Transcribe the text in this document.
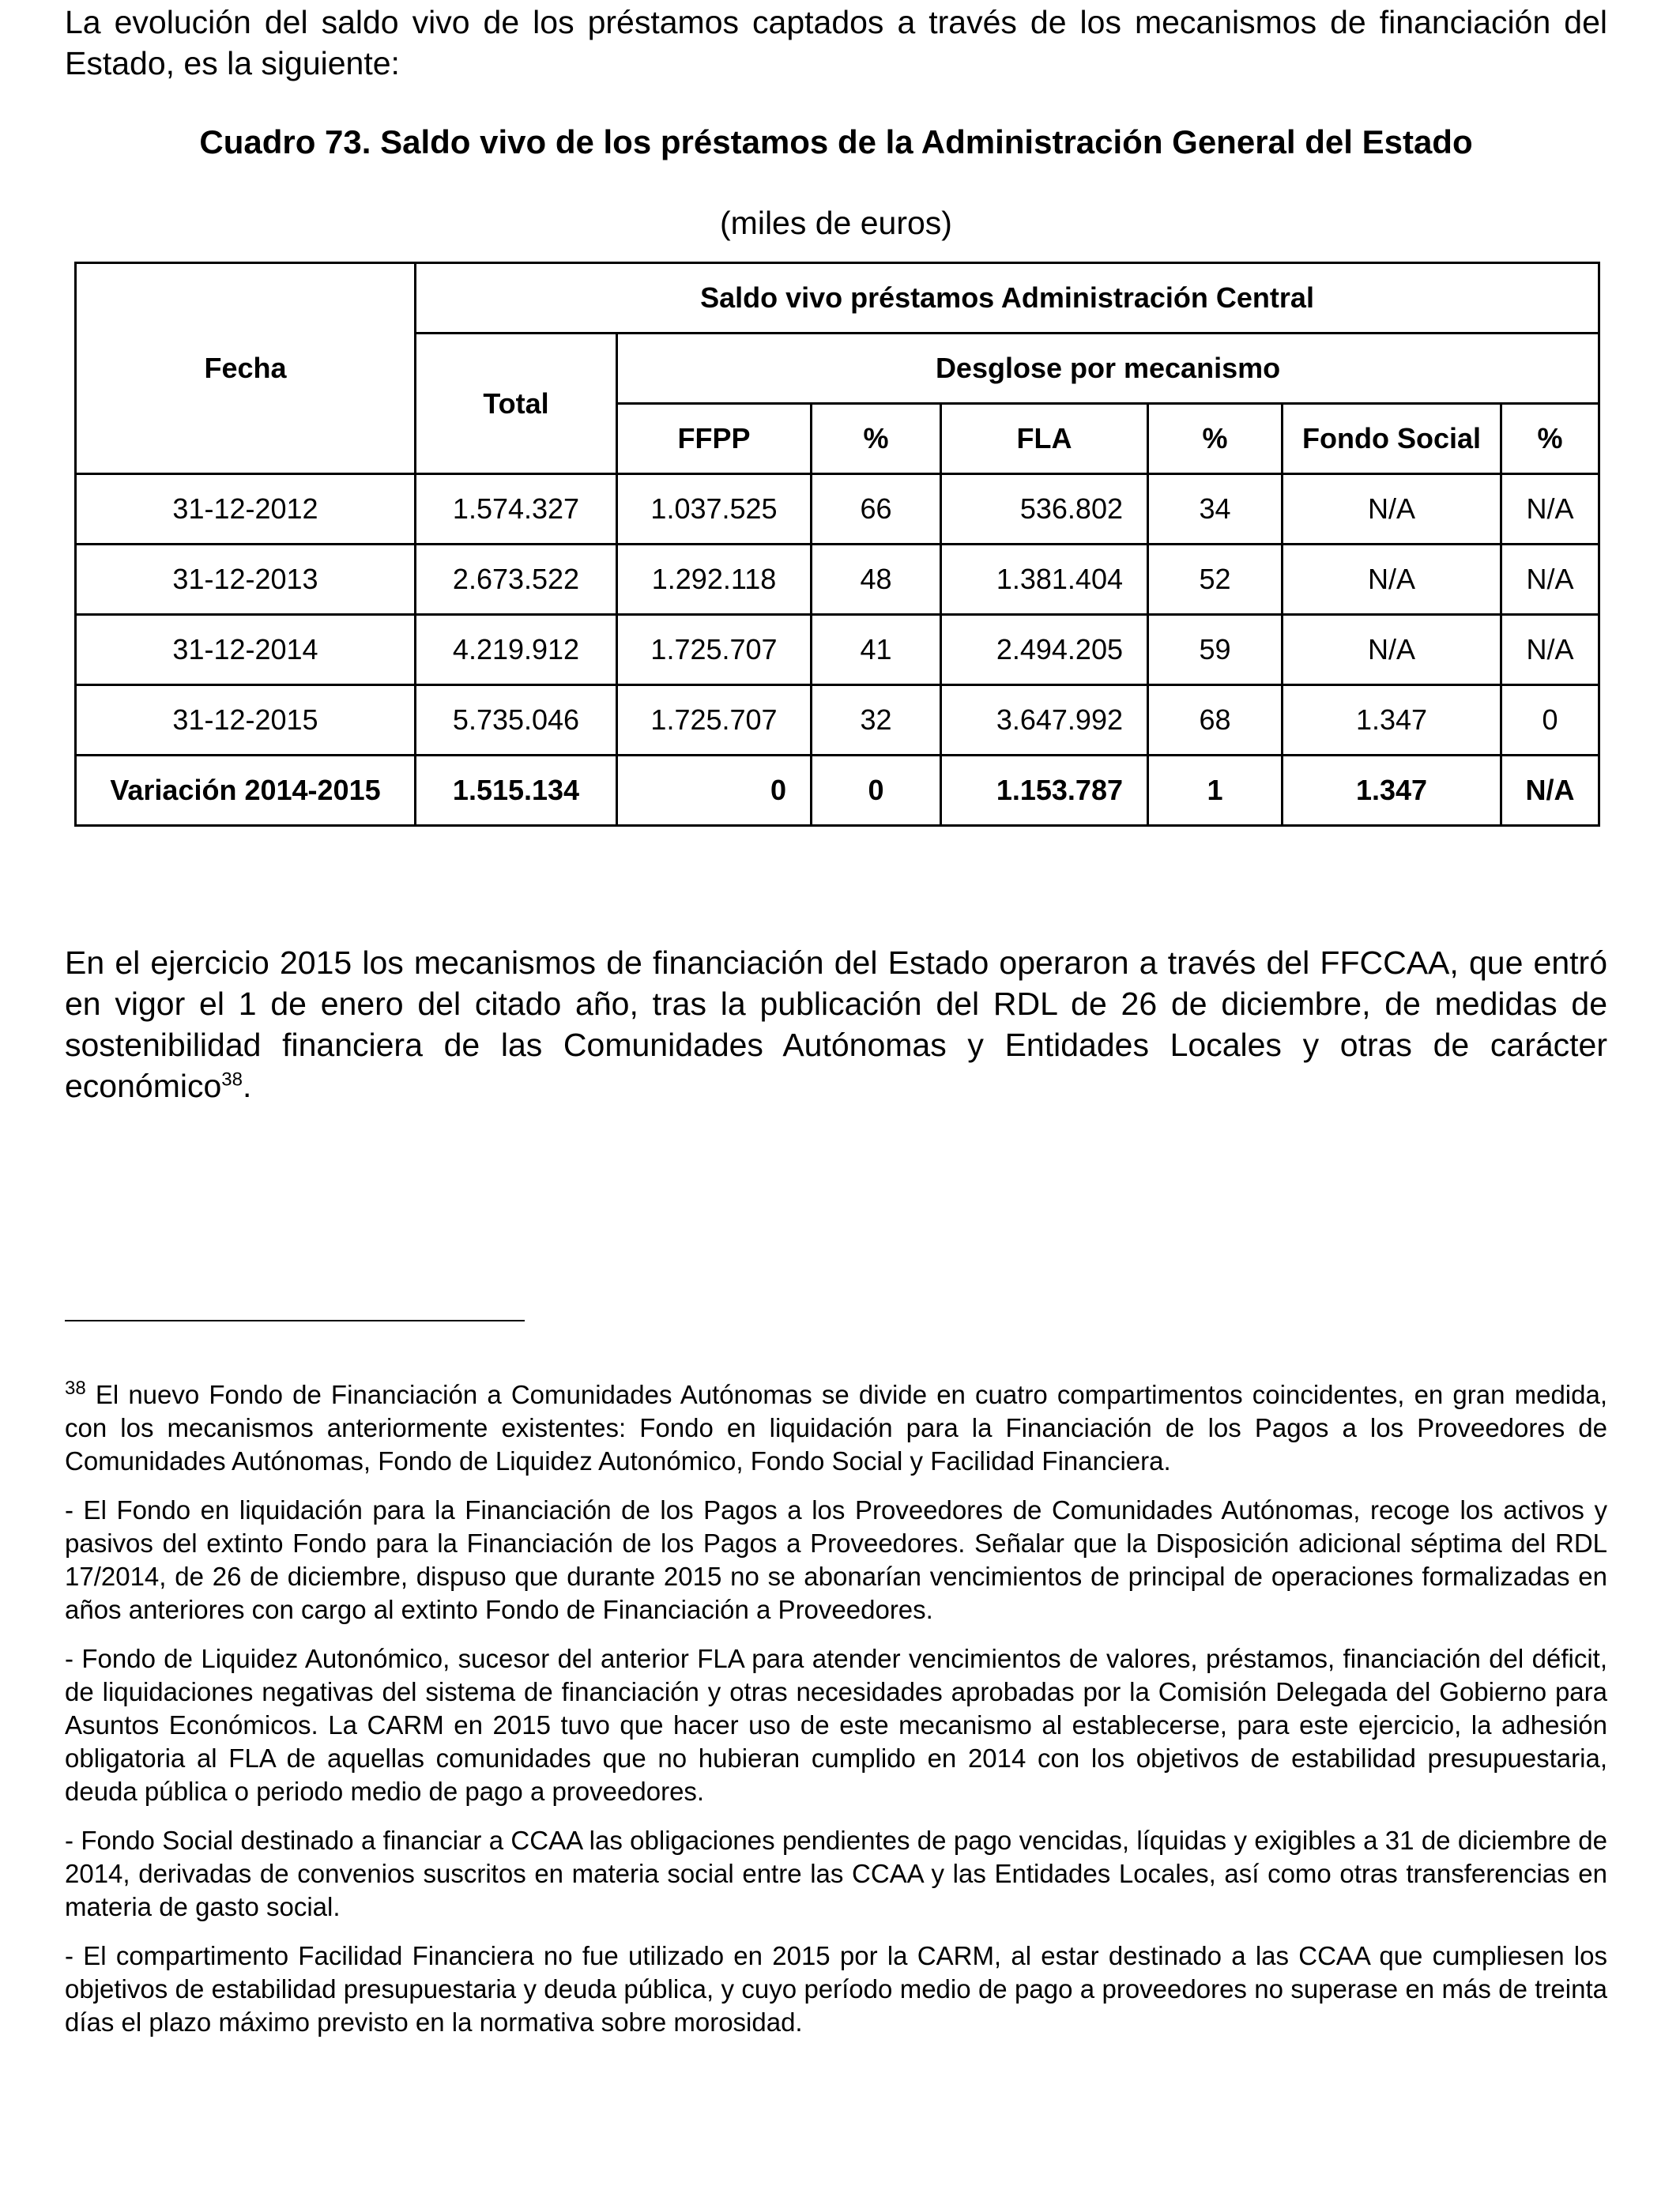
La evolución del saldo vivo de los préstamos captados a través de los mecanismos de financiación del Estado, es la siguiente:

Cuadro 73. Saldo vivo de los préstamos de la Administración General del Estado
(miles de euros)
Fecha	Saldo vivo préstamos Administración Central						
	Total	Desglose por mecanismo					
		FFPP	%	FLA	%	Fondo Social	%
31-12-2012	1.574.327	1.037.525	66	536.802	34	N/A	N/A
31-12-2013	2.673.522	1.292.118	48	1.381.404	52	N/A	N/A
31-12-2014	4.219.912	1.725.707	41	2.494.205	59	N/A	N/A
31-12-2015	5.735.046	1.725.707	32	3.647.992	68	1.347	0
Variación 2014-2015	1.515.134	0	0	1.153.787	1	1.347	N/A

En el ejercicio 2015 los mecanismos de financiación del Estado operaron a través del FFCCAA, que entró en vigor el 1 de enero del citado año, tras la publicación del RDL de 26 de diciembre, de medidas de sostenibilidad financiera de las Comunidades Autónomas y Entidades Locales y otras de carácter económico$^{38}$.

$^{38}$ El nuevo Fondo de Financiación a Comunidades Autónomas se divide en cuatro compartimentos coincidentes, en gran medida, con los mecanismos anteriormente existentes: Fondo en liquidación para la Financiación de los Pagos a los Proveedores de Comunidades Autónomas, Fondo de Liquidez Autonómico, Fondo Social y Facilidad Financiera.

- El Fondo en liquidación para la Financiación de los Pagos a los Proveedores de Comunidades Autónomas, recoge los activos y pasivos del extinto Fondo para la Financiación de los Pagos a Proveedores. Señalar que la Disposición adicional séptima del RDL 17/2014, de 26 de diciembre, dispuso que durante 2015 no se abonarían vencimientos de principal de operaciones formalizadas en años anteriores con cargo al extinto Fondo de Financiación a Proveedores.

- Fondo de Liquidez Autonómico, sucesor del anterior FLA para atender vencimientos de valores, préstamos, financiación del déficit, de liquidaciones negativas del sistema de financiación y otras necesidades aprobadas por la Comisión Delegada del Gobierno para Asuntos Económicos. La CARM en 2015 tuvo que hacer uso de este mecanismo al establecerse, para este ejercicio, la adhesión obligatoria al FLA de aquellas comunidades que no hubieran cumplido en 2014 con los objetivos de estabilidad presupuestaria, deuda pública o periodo medio de pago a proveedores.

- Fondo Social destinado a financiar a CCAA las obligaciones pendientes de pago vencidas, líquidas y exigibles a 31 de diciembre de 2014, derivadas de convenios suscritos en materia social entre las CCAA y las Entidades Locales, así como otras transferencias en materia de gasto social.

- El compartimento Facilidad Financiera no fue utilizado en 2015 por la CARM, al estar destinado a las CCAA que cumpliesen los objetivos de estabilidad presupuestaria y deuda pública, y cuyo período medio de pago a proveedores no superase en más de treinta días el plazo máximo previsto en la normativa sobre morosidad.
